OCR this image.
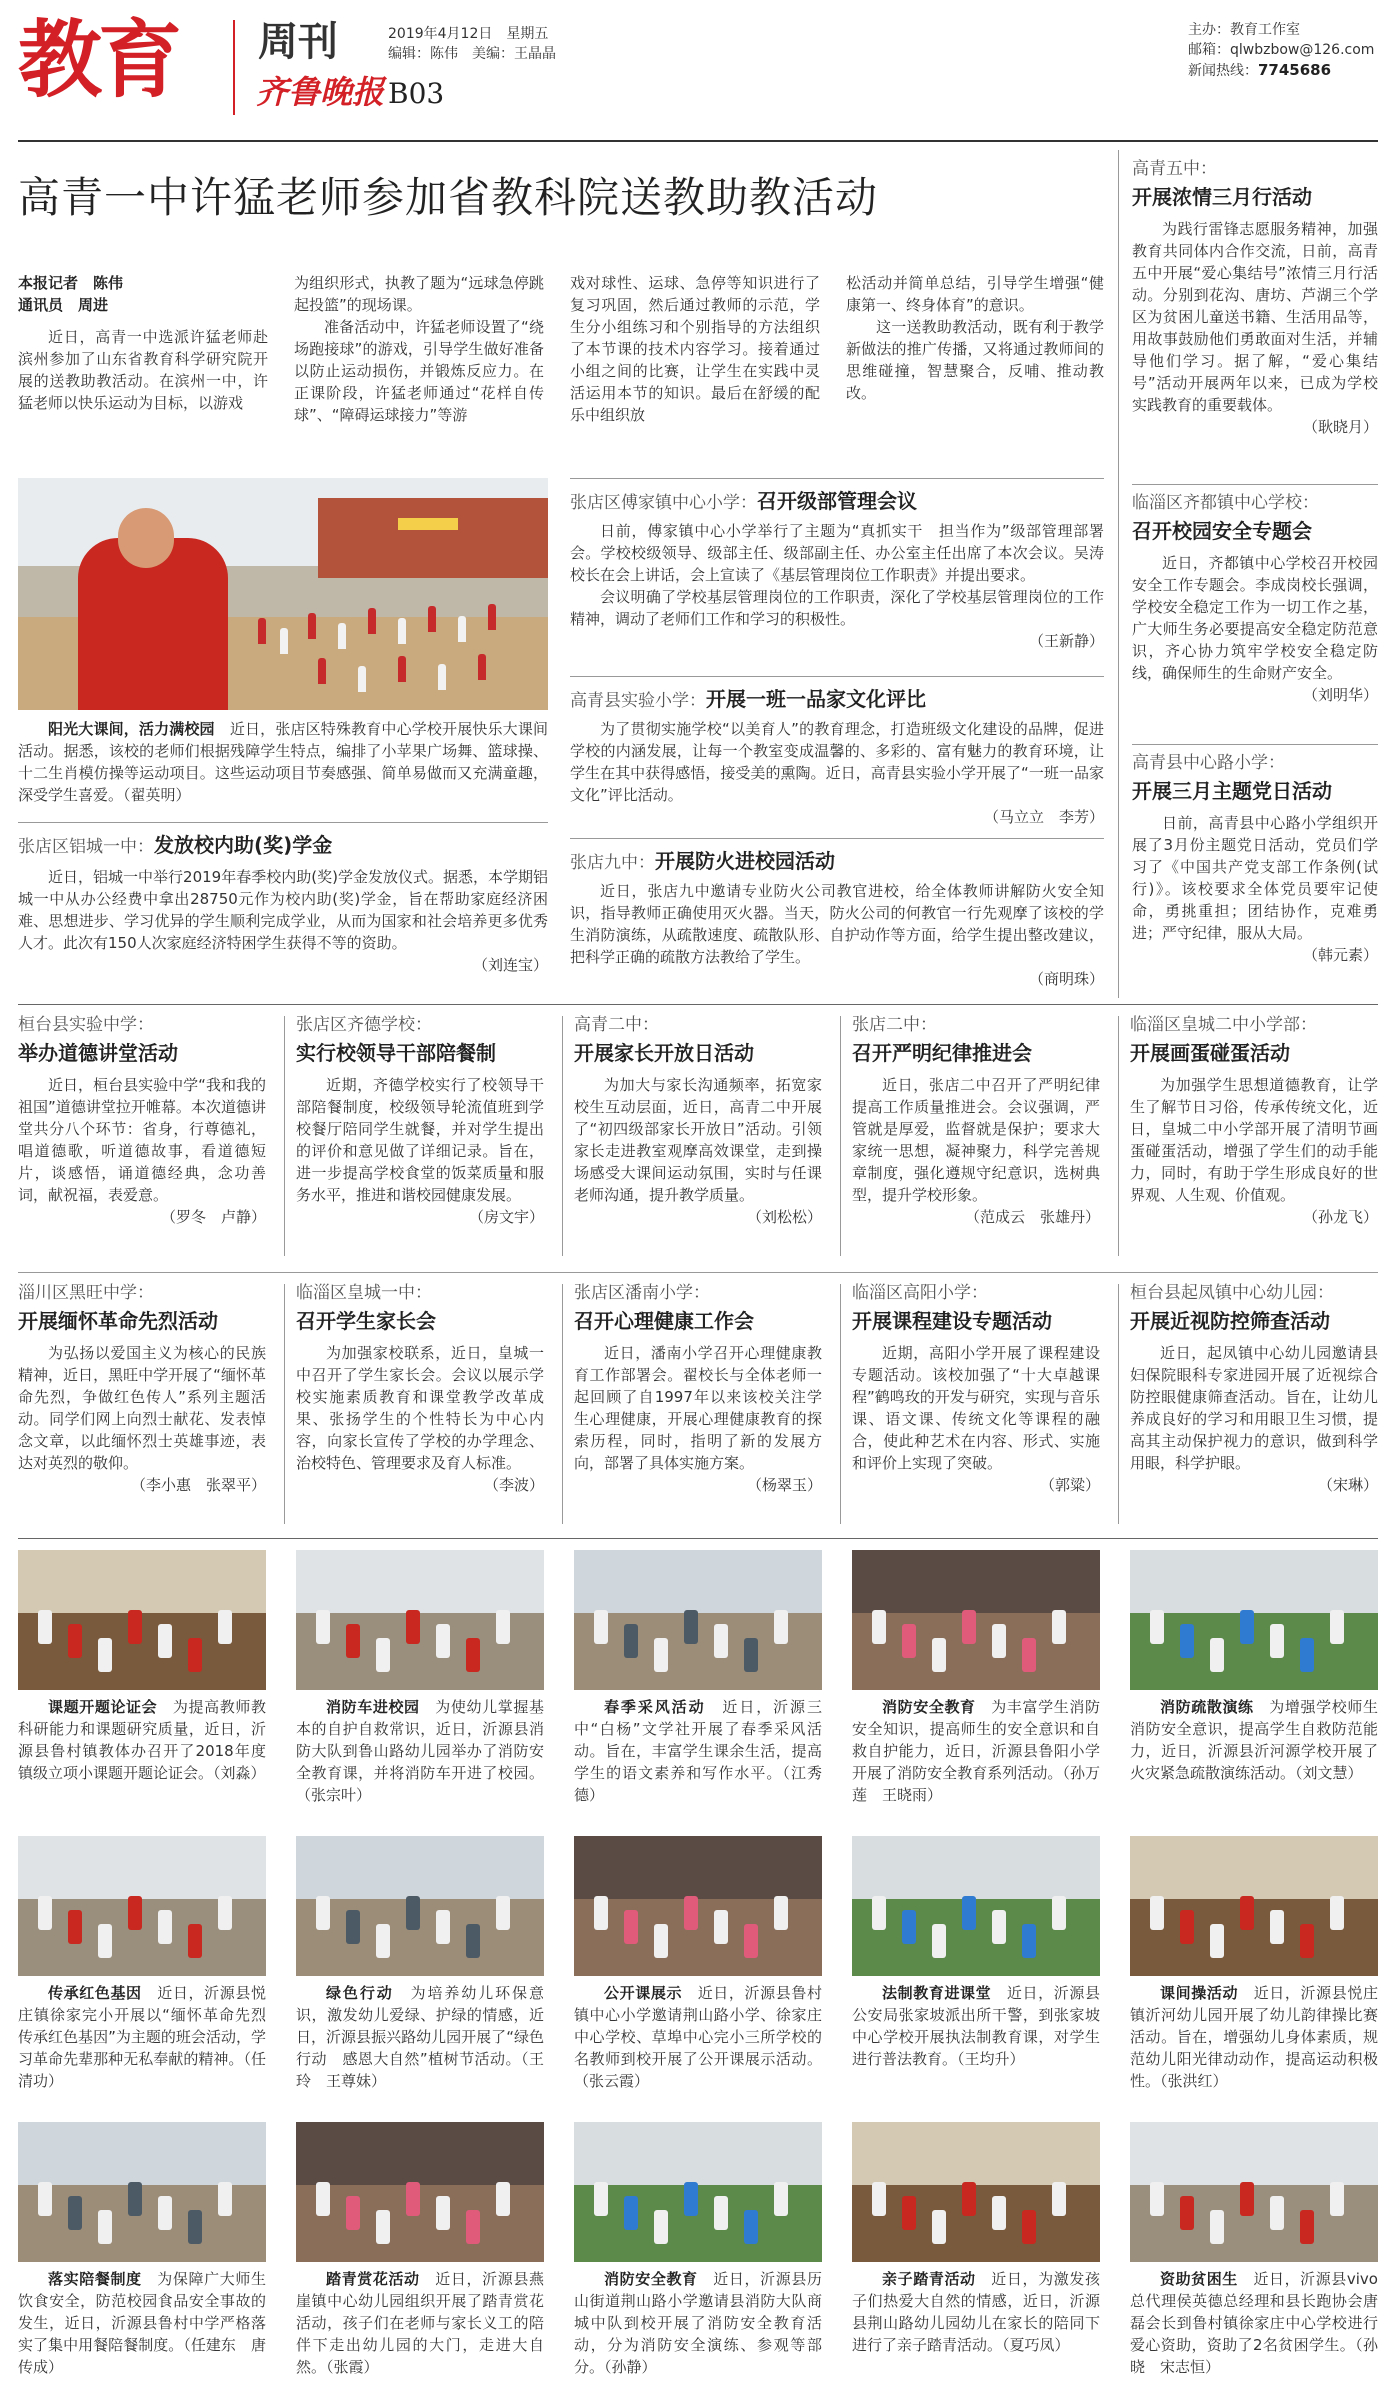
教育 周刊
齐鲁晚报 B03
2019年4月12日　星期五
编辑：陈伟　美编：王晶晶
主办：教育工作室
邮箱：qlwbzbow@126.com
新闻热线：7745686
高青一中许猛老师参加省教科院送教助教活动
本报记者　陈伟
通讯员　周进

近日，高青一中选派许猛老师赴滨州参加了山东省教育科学研究院开展的送教助教活动。在滨州一中，许猛老师以快乐运动为目标，以游戏

为组织形式，执教了题为“远球急停跳起投篮”的现场课。

准备活动中，许猛老师设置了“绕场跑接球”的游戏，引导学生做好准备以防止运动损伤，并锻炼反应力。在正课阶段，许猛老师通过“花样自传球”、“障碍运球接力”等游

戏对球性、运球、急停等知识进行了复习巩固，然后通过教师的示范，学生分小组练习和个别指导的方法组织了本节课的技术内容学习。接着通过小组之间的比赛，让学生在实践中灵活运用本节的知识。最后在舒缓的配乐中组织放

松活动并简单总结，引导学生增强“健康第一、终身体育”的意识。

这一送教助教活动，既有利于教学新做法的推广传播，又将通过教师间的思维碰撞，智慧聚合，反哺、推动教改。

阳光大课间，活力满校园　 近日，张店区特殊教育中心学校开展快乐大课间活动。据悉，该校的老师们根据残障学生特点，编排了小苹果广场舞、篮球操、十二生肖模仿操等运动项目。这些运动项目节奏感强、简单易做而又充满童趣，深受学生喜爱。（翟英明）
张店区铝城一中：发放校内助(奖)学金

近日，铝城一中举行2019年春季校内助(奖)学金发放仪式。据悉，本学期铝城一中从办公经费中拿出28750元作为校内助(奖)学金，旨在帮助家庭经济困难、思想进步、学习优异的学生顺利完成学业，从而为国家和社会培养更多优秀人才。此次有150人次家庭经济特困学生获得不等的资助。

（刘连宝）
张店区傅家镇中心小学：召开级部管理会议

日前，傅家镇中心小学举行了主题为“真抓实干　担当作为”级部管理部署会。学校校级领导、级部主任、级部副主任、办公室主任出席了本次会议。吴涛校长在会上讲话，会上宣读了《基层管理岗位工作职责》并提出要求。

会议明确了学校基层管理岗位的工作职责，深化了学校基层管理岗位的工作精神，调动了老师们工作和学习的积极性。

（王新静）
高青县实验小学：开展一班一品家文化评比

为了贯彻实施学校“以美育人”的教育理念，打造班级文化建设的品牌，促进学校的内涵发展，让每一个教室变成温馨的、多彩的、富有魅力的教育环境，让学生在其中获得感悟，接受美的熏陶。近日，高青县实验小学开展了“一班一品家文化”评比活动。

（马立立　李芳）
张店九中：开展防火进校园活动

近日，张店九中邀请专业防火公司教官进校，给全体教师讲解防火安全知识，指导教师正确使用灭火器。当天，防火公司的何教官一行先观摩了该校的学生消防演练，从疏散速度、疏散队形、自护动作等方面，给学生提出整改建议，把科学正确的疏散方法教给了学生。

（商明珠）
高青五中：
开展浓情三月行活动

为践行雷锋志愿服务精神，加强教育共同体内合作交流，日前，高青五中开展“爱心集结号”浓情三月行活动。分别到花沟、唐坊、芦湖三个学区为贫困儿童送书籍、生活用品等，用故事鼓励他们勇敢面对生活，并辅导他们学习。据了解，“爱心集结号”活动开展两年以来，已成为学校实践教育的重要载体。

（耿晓月）
临淄区齐都镇中心学校：
召开校园安全专题会

近日，齐都镇中心学校召开校园安全工作专题会。李成岗校长强调，学校安全稳定工作为一切工作之基，广大师生务必要提高安全稳定防范意识，齐心协力筑牢学校安全稳定防线，确保师生的生命财产安全。

（刘明华）
高青县中心路小学：
开展三月主题党日活动

日前，高青县中心路小学组织开展了3月份主题党日活动，党员们学习了《中国共产党支部工作条例(试行)》。该校要求全体党员要牢记使命，勇挑重担；团结协作，克难勇进；严守纪律，服从大局。

（韩元素）
桓台县实验中学：
举办道德讲堂活动

近日，桓台县实验中学“我和我的祖国”道德讲堂拉开帷幕。本次道德讲堂共分八个环节：省身，行尊德礼，唱道德歌，听道德故事，看道德短片，谈感悟，诵道德经典，念功善词，献祝福，表爱意。

（罗冬　卢静）
张店区齐德学校：
实行校领导干部陪餐制

近期，齐德学校实行了校领导干部陪餐制度，校级领导轮流值班到学校餐厅陪同学生就餐，并对学生提出的评价和意见做了详细记录。旨在，进一步提高学校食堂的饭菜质量和服务水平，推进和谐校园健康发展。

（房文宇）
高青二中：
开展家长开放日活动

为加大与家长沟通频率，拓宽家校生互动层面，近日，高青二中开展了“初四级部家长开放日”活动。引领家长走进教室观摩高效课堂，走到操场感受大课间运动氛围，实时与任课老师沟通，提升教学质量。

（刘松松）
张店二中：
召开严明纪律推进会

近日，张店二中召开了严明纪律提高工作质量推进会。会议强调，严管就是厚爱，监督就是保护；要求大家统一思想，凝神聚力，科学完善规章制度，强化遵规守纪意识，选树典型，提升学校形象。

（范成云　张雄丹）
临淄区皇城二中小学部：
开展画蛋碰蛋活动

为加强学生思想道德教育，让学生了解节日习俗，传承传统文化，近日，皇城二中小学部开展了清明节画蛋碰蛋活动，增强了学生们的动手能力，同时，有助于学生形成良好的世界观、人生观、价值观。

（孙龙飞）
淄川区黑旺中学：
开展缅怀革命先烈活动

为弘扬以爱国主义为核心的民族精神，近日，黑旺中学开展了“缅怀革命先烈，争做红色传人”系列主题活动。同学们网上向烈士献花、发表悼念文章，以此缅怀烈士英雄事迹，表达对英烈的敬仰。

（李小惠　张翠平）
临淄区皇城一中：
召开学生家长会

为加强家校联系，近日，皇城一中召开了学生家长会。会议以展示学校实施素质教育和课堂教学改革成果、张扬学生的个性特长为中心内容，向家长宣传了学校的办学理念、治校特色、管理要求及育人标准。

（李波）
张店区潘南小学：
召开心理健康工作会

近日，潘南小学召开心理健康教育工作部署会。翟校长与全体老师一起回顾了自1997年以来该校关注学生心理健康，开展心理健康教育的探索历程，同时，指明了新的发展方向，部署了具体实施方案。

（杨翠玉）
临淄区高阳小学：
开展课程建设专题活动

近期，高阳小学开展了课程建设专题活动。该校加强了“十大卓越课程”鹤鸣玫的开发与研究，实现与音乐课、语文课、传统文化等课程的融合，使此种艺术在内容、形式、实施和评价上实现了突破。

（郭粱）
桓台县起凤镇中心幼儿园：
开展近视防控筛查活动

近日，起凤镇中心幼儿园邀请县妇保院眼科专家进园开展了近视综合防控眼健康筛查活动。旨在，让幼儿养成良好的学习和用眼卫生习惯，提高其主动保护视力的意识，做到科学用眼，科学护眼。

（宋琳）
课题开题论证会　 为提高教师教科研能力和课题研究质量，近日，沂源县鲁村镇教体办召开了2018年度镇级立项小课题开题论证会。（刘淼）
消防车进校园　 为使幼儿掌握基本的自护自救常识，近日，沂源县消防大队到鲁山路幼儿园举办了消防安全教育课，并将消防车开进了校园。（张宗叶）
春季采风活动　 近日，沂源三中“白杨”文学社开展了春季采风活动。旨在，丰富学生课余生活，提高学生的语文素养和写作水平。（江秀德）
消防安全教育　 为丰富学生消防安全知识，提高师生的安全意识和自救自护能力，近日，沂源县鲁阳小学开展了消防安全教育系列活动。（孙万莲　王晓雨）
消防疏散演练　 为增强学校师生消防安全意识，提高学生自救防范能力，近日，沂源县沂河源学校开展了火灾紧急疏散演练活动。（刘文慧）
传承红色基因　 近日，沂源县悦庄镇徐家完小开展以“缅怀革命先烈　传承红色基因”为主题的班会活动，学习革命先辈那种无私奉献的精神。（任清功）
绿色行动　 为培养幼儿环保意识，激发幼儿爱绿、护绿的情感，近日，沂源县振兴路幼儿园开展了“绿色行动　感恩大自然”植树节活动。（王玲　王尊妹）
公开课展示　 近日，沂源县鲁村镇中心小学邀请荆山路小学、徐家庄中心学校、草埠中心完小三所学校的名教师到校开展了公开课展示活动。（张云霞）
法制教育进课堂　 近日，沂源县公安局张家坡派出所干警，到张家坡中心学校开展执法制教育课，对学生进行普法教育。（王均升）
课间操活动　 近日，沂源县悦庄镇沂河幼儿园开展了幼儿韵律操比赛活动。旨在，增强幼儿身体素质，规范幼儿阳光律动动作，提高运动积极性。（张洪红）
落实陪餐制度　 为保障广大师生饮食安全，防范校园食品安全事故的发生，近日，沂源县鲁村中学严格落实了集中用餐陪餐制度。（任建东　唐传成）
踏青赏花活动　 近日，沂源县燕崖镇中心幼儿园组织开展了踏青赏花活动，孩子们在老师与家长义工的陪伴下走出幼儿园的大门，走进大自然。（张霞）
消防安全教育　 近日，沂源县历山街道荆山路小学邀请县消防大队商城中队到校开展了消防安全教育活动，分为消防安全演练、参观等部分。（孙静）
亲子踏青活动　 近日，为激发孩子们热爱大自然的情感，近日，沂源县荆山路幼儿园幼儿在家长的陪同下进行了亲子踏青活动。（夏巧凤）
资助贫困生　 近日，沂源县vivo总代理侯英德总经理和县长跑协会唐磊会长到鲁村镇徐家庄中心学校进行爱心资助，资助了2名贫困学生。（孙晓　宋志恒）
